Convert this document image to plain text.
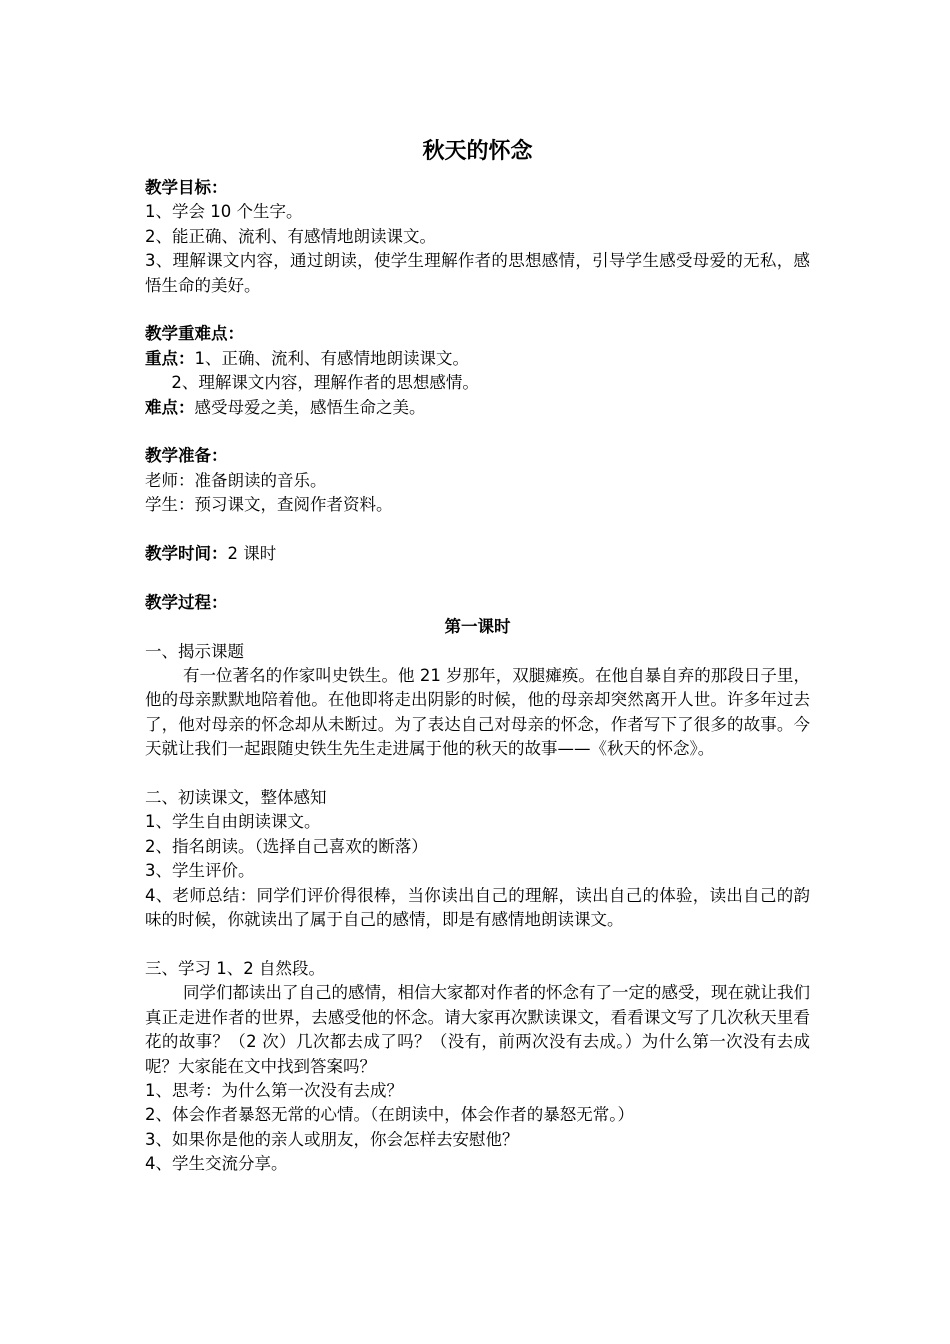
秋天的怀念
教学目标：
1、学会 10 个生字。
2、能正确、流利、有感情地朗读课文。
3、理解课文内容，通过朗读，使学生理解作者的思想感情，引导学生感受母爱的无私，感悟生命的美好。
教学重难点：
重点：1、正确、流利、有感情地朗读课文。
2、理解课文内容，理解作者的思想感情。
难点：感受母爱之美，感悟生命之美。
教学准备：
老师：准备朗读的音乐。
学生：预习课文，查阅作者资料。
教学时间：2 课时
教学过程：
第一课时
一、揭示课题
有一位著名的作家叫史铁生。他 21 岁那年，双腿瘫痪。在他自暴自弃的那段日子里，他的母亲默默地陪着他。在他即将走出阴影的时候，他的母亲却突然离开人世。许多年过去了，他对母亲的怀念却从未断过。为了表达自己对母亲的怀念，作者写下了很多的故事。今天就让我们一起跟随史铁生先生走进属于他的秋天的故事——《秋天的怀念》。
二、初读课文，整体感知
1、学生自由朗读课文。
2、指名朗读。（选择自己喜欢的断落）
3、学生评价。
4、老师总结：同学们评价得很棒，当你读出自己的理解，读出自己的体验，读出自己的韵味的时候，你就读出了属于自己的感情，即是有感情地朗读课文。
三、学习 1、2 自然段。
同学们都读出了自己的感情，相信大家都对作者的怀念有了一定的感受，现在就让我们真正走进作者的世界，去感受他的怀念。请大家再次默读课文，看看课文写了几次秋天里看花的故事？（2 次）几次都去成了吗？（没有，前两次没有去成。）为什么第一次没有去成呢？大家能在文中找到答案吗？
1、思考：为什么第一次没有去成？
2、体会作者暴怒无常的心情。（在朗读中，体会作者的暴怒无常。）
3、如果你是他的亲人或朋友，你会怎样去安慰他？
4、学生交流分享。
